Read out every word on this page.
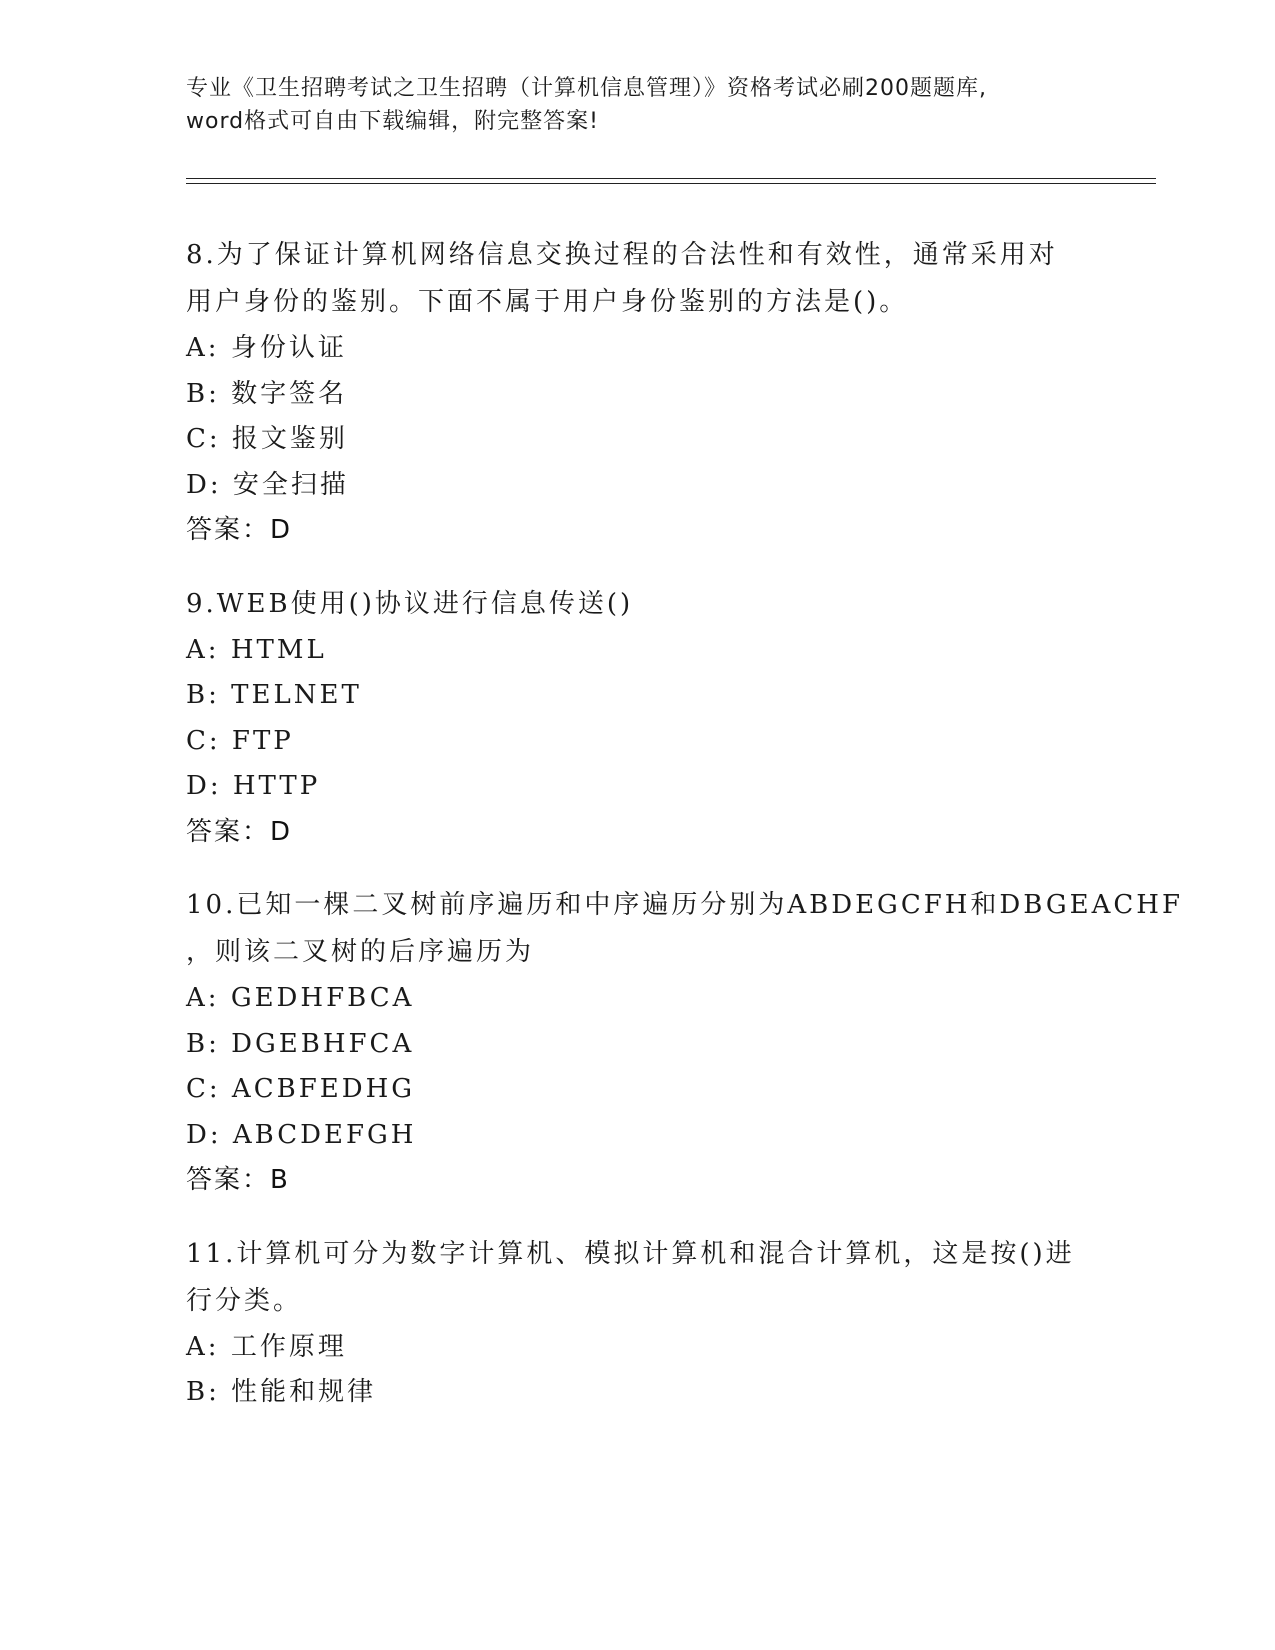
专业《卫生招聘考试之卫生招聘（计算机信息管理）》资格考试必刷200题题库,
word格式可自由下载编辑，附完整答案!
8.为了保证计算机网络信息交换过程的合法性和有效性，通常采用对
用户身份的鉴别。下面不属于用户身份鉴别的方法是()。
A: 身份认证
B: 数字签名
C: 报文鉴别
D: 安全扫描
答案：D
9.WEB使用()协议进行信息传送()
A: HTML
B: TELNET
C: FTP
D: HTTP
答案：D
10.已知一棵二叉树前序遍历和中序遍历分别为ABDEGCFH和DBGEACHF
，则该二叉树的后序遍历为
A: GEDHFBCA
B: DGEBHFCA
C: ACBFEDHG
D: ABCDEFGH
答案：B
11.计算机可分为数字计算机、模拟计算机和混合计算机，这是按()进
行分类。
A: 工作原理
B: 性能和规律
